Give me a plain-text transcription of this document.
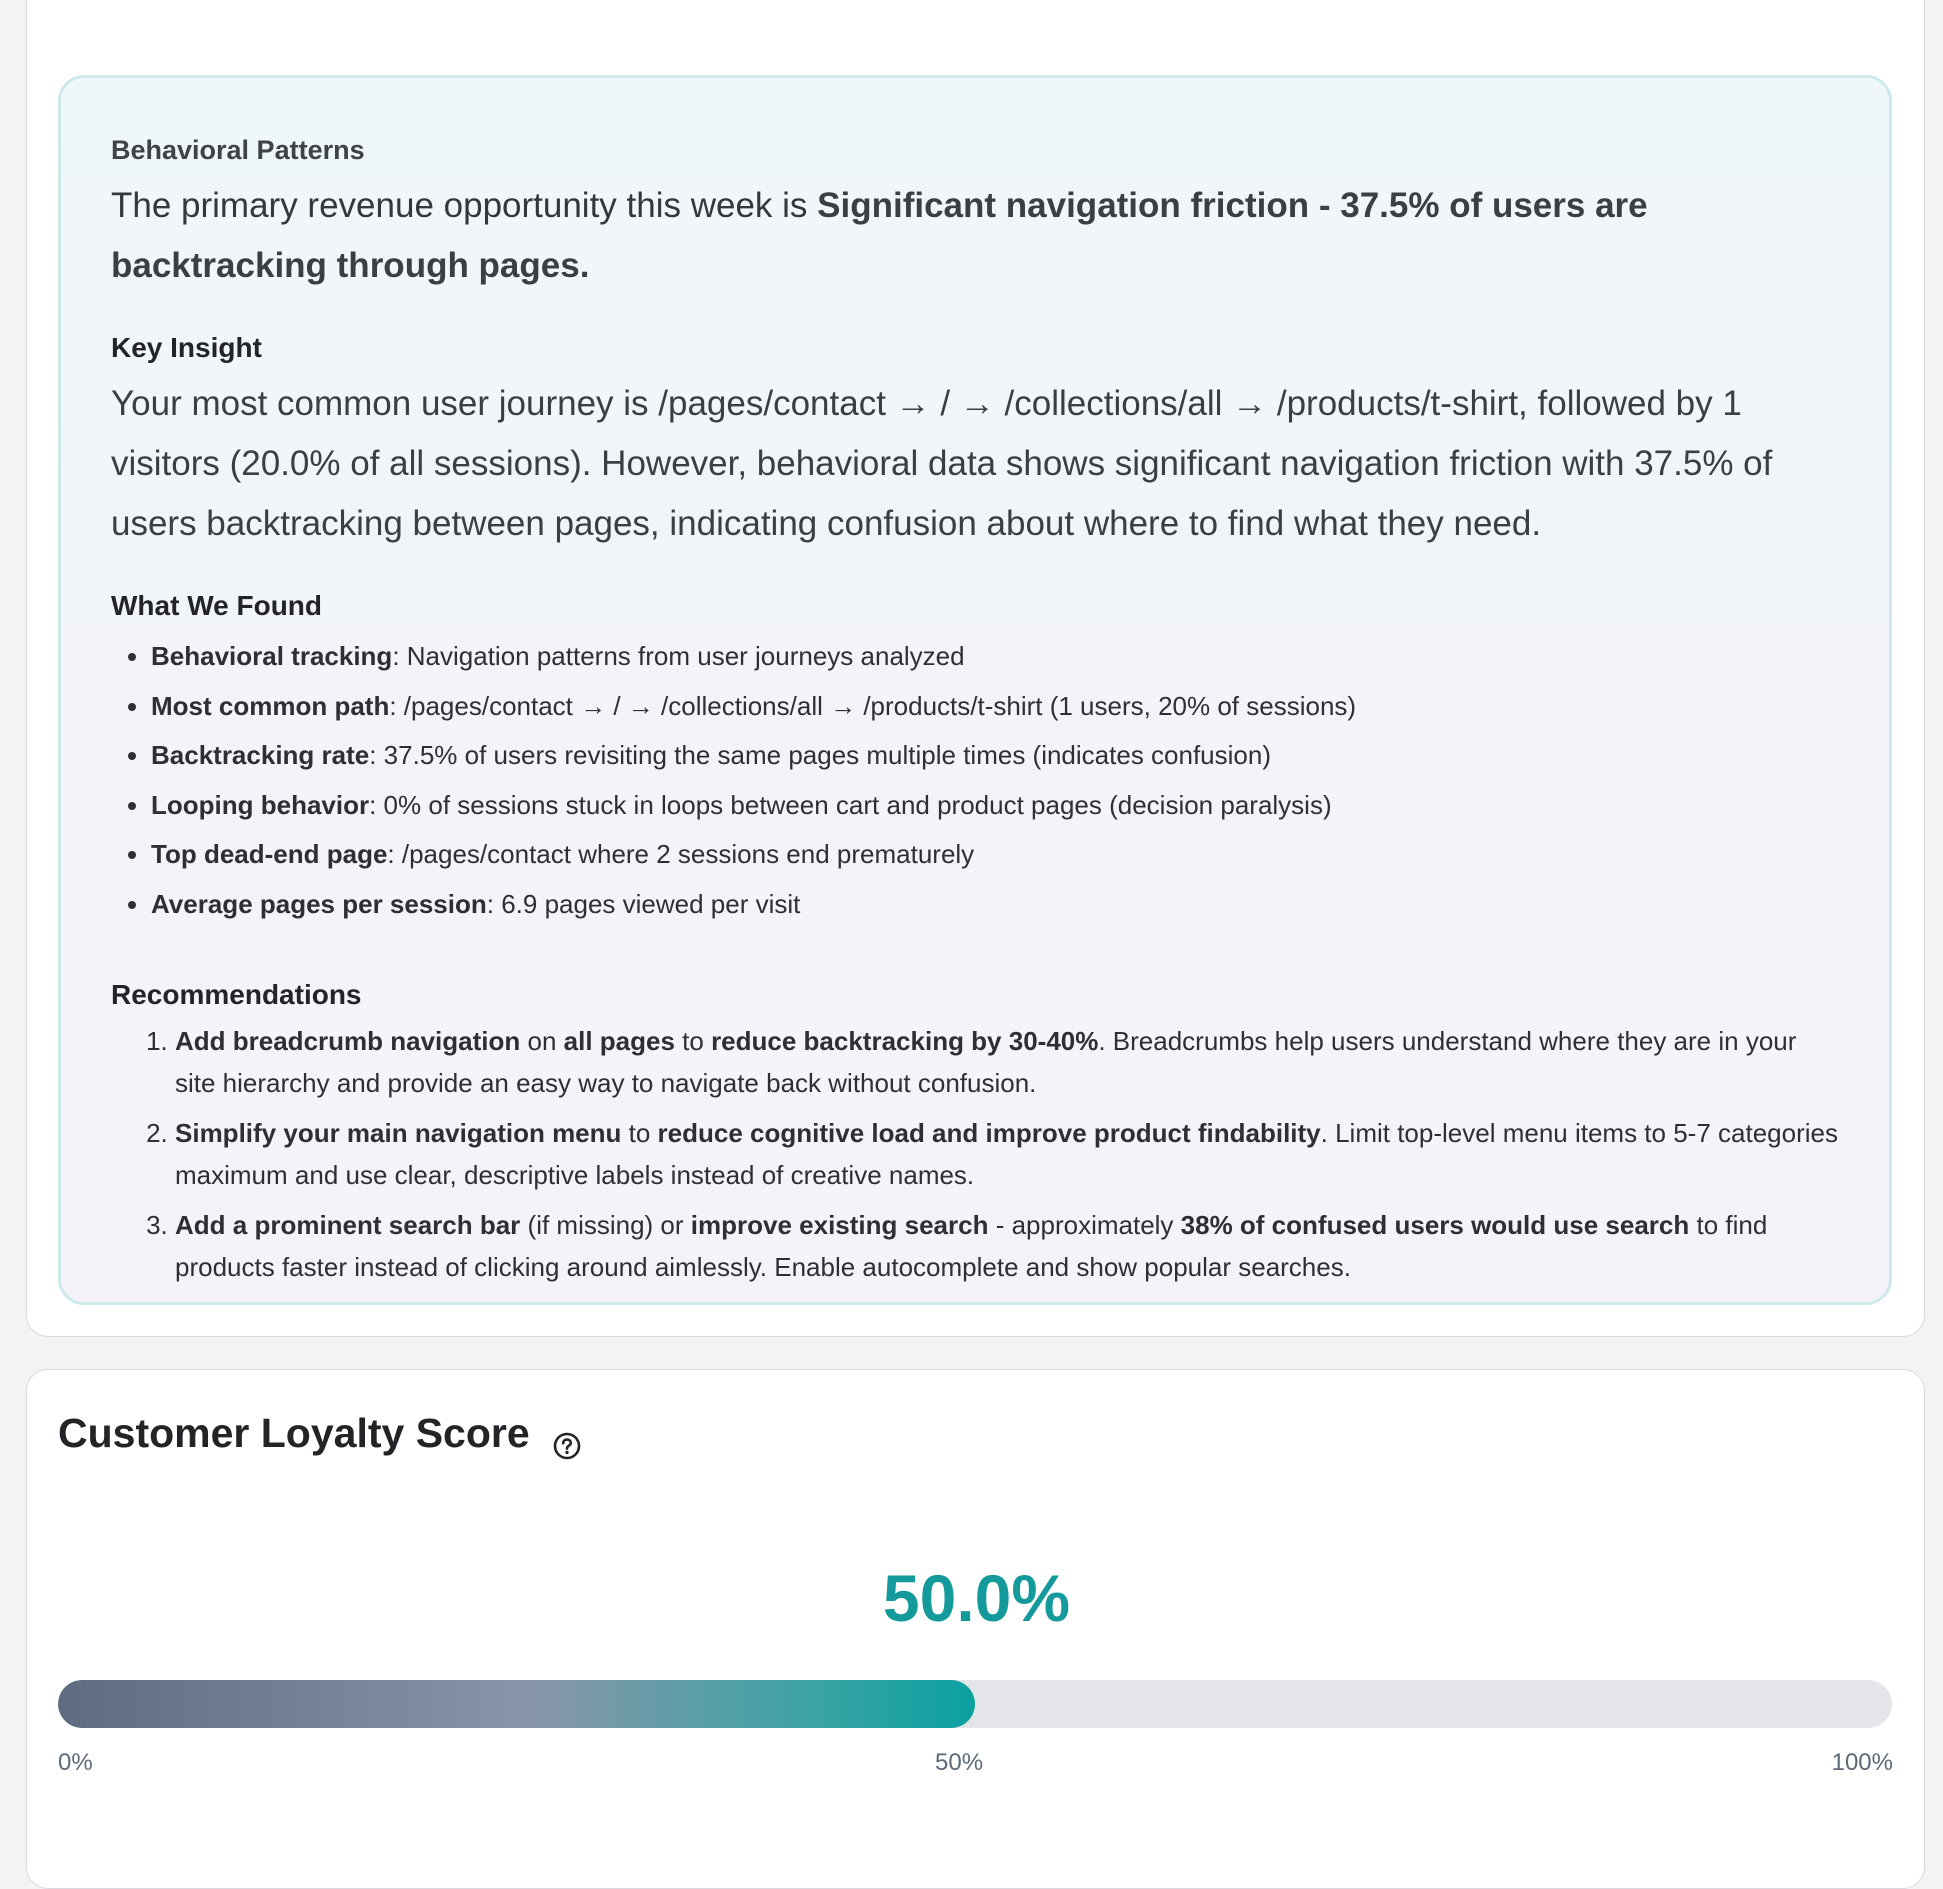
Behavioral Patterns

The primary revenue opportunity this week is Significant navigation friction - 37.5% of users are backtracking through pages.

Key Insight

Your most common user journey is /pages/contact → / → /collections/all → /products/t-shirt, followed by 1 visitors (20.0% of all sessions). However, behavioral data shows significant navigation friction with 37.5% of users backtracking between pages, indicating confusion about where to find what they need.

What We Found
• Behavioral tracking: Navigation patterns from user journeys analyzed
• Most common path: /pages/contact → / → /collections/all → /products/t-shirt (1 users, 20% of sessions)
• Backtracking rate: 37.5% of users revisiting the same pages multiple times (indicates confusion)
• Looping behavior: 0% of sessions stuck in loops between cart and product pages (decision paralysis)
• Top dead-end page: /pages/contact where 2 sessions end prematurely
• Average pages per session: 6.9 pages viewed per visit
Recommendations
1. Add breadcrumb navigation on all pages to reduce backtracking by 30-40%. Breadcrumbs help users understand where they are in your site hierarchy and provide an easy way to navigate back without confusion.
2. Simplify your main navigation menu to reduce cognitive load and improve product findability. Limit top-level menu items to 5-7 categories maximum and use clear, descriptive labels instead of creative names.
3. Add a prominent search bar (if missing) or improve existing search - approximately 38% of confused users would use search to find products faster instead of clicking around aimlessly. Enable autocomplete and show popular searches.
Customer Loyalty Score
50.0%
0%	50%	100%
